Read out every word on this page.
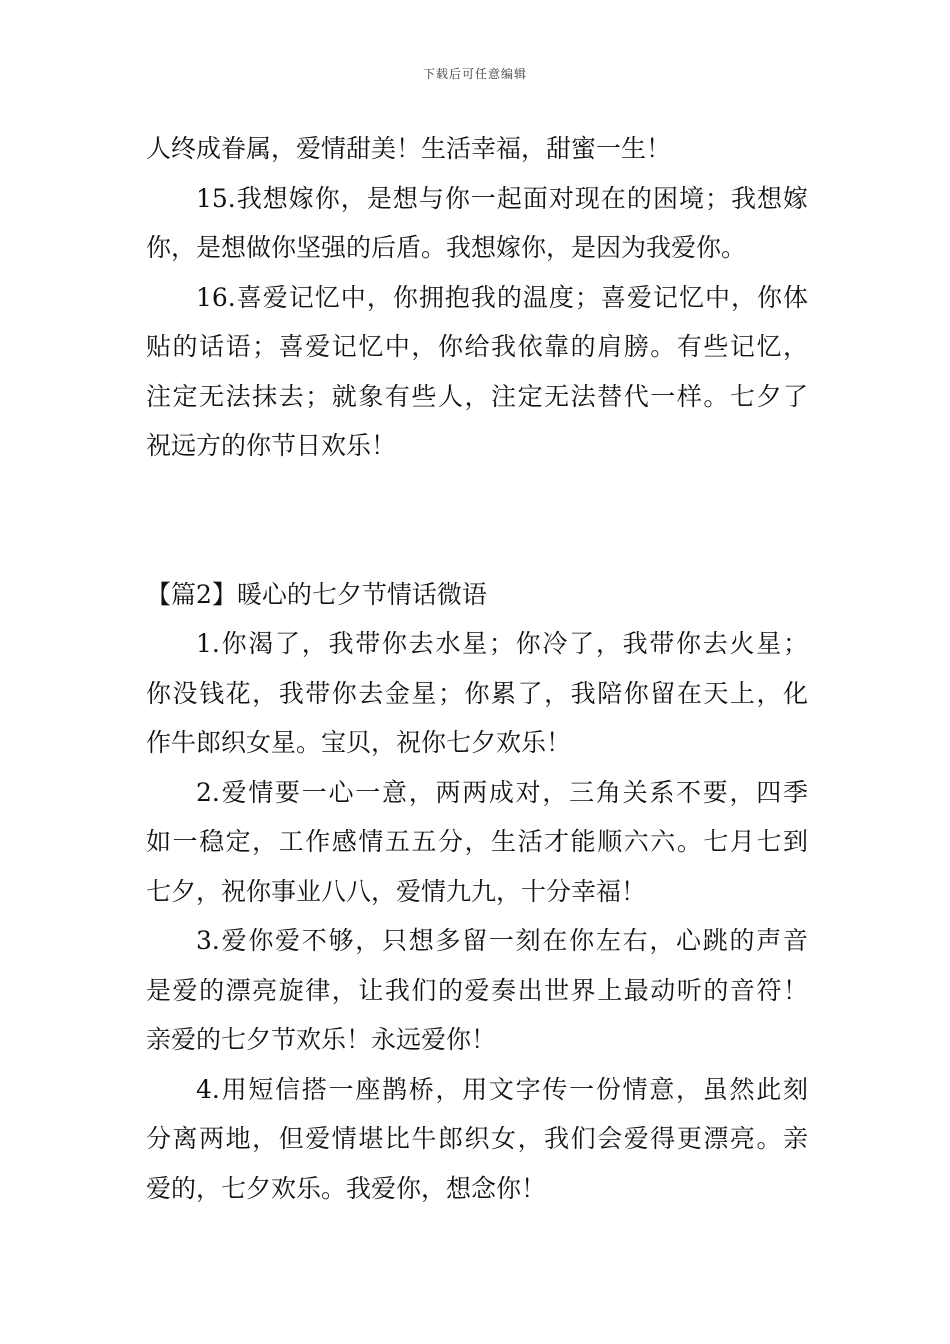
下载后可任意编辑
人终成眷属，爱情甜美！生活幸福，甜蜜一生！
15.我想嫁你，是想与你一起面对现在的困境；我想嫁
你，是想做你坚强的后盾。我想嫁你，是因为我爱你。
16.喜爱记忆中，你拥抱我的温度；喜爱记忆中，你体
贴的话语；喜爱记忆中，你给我依靠的肩膀。有些记忆，
注定无法抹去；就象有些人，注定无法替代一样。七夕了
祝远方的你节日欢乐！
【篇2】暖心的七夕节情话微语
1.你渴了，我带你去水星；你冷了，我带你去火星；
你没钱花，我带你去金星；你累了，我陪你留在天上，化
作牛郎织女星。宝贝，祝你七夕欢乐！
2.爱情要一心一意，两两成对，三角关系不要，四季
如一稳定，工作感情五五分，生活才能顺六六。七月七到
七夕，祝你事业八八，爱情九九，十分幸福！
3.爱你爱不够，只想多留一刻在你左右，心跳的声音
是爱的漂亮旋律，让我们的爱奏出世界上最动听的音符！
亲爱的七夕节欢乐！永远爱你！
4.用短信搭一座鹊桥，用文字传一份情意，虽然此刻
分离两地，但爱情堪比牛郎织女，我们会爱得更漂亮。亲
爱的，七夕欢乐。我爱你，想念你！
